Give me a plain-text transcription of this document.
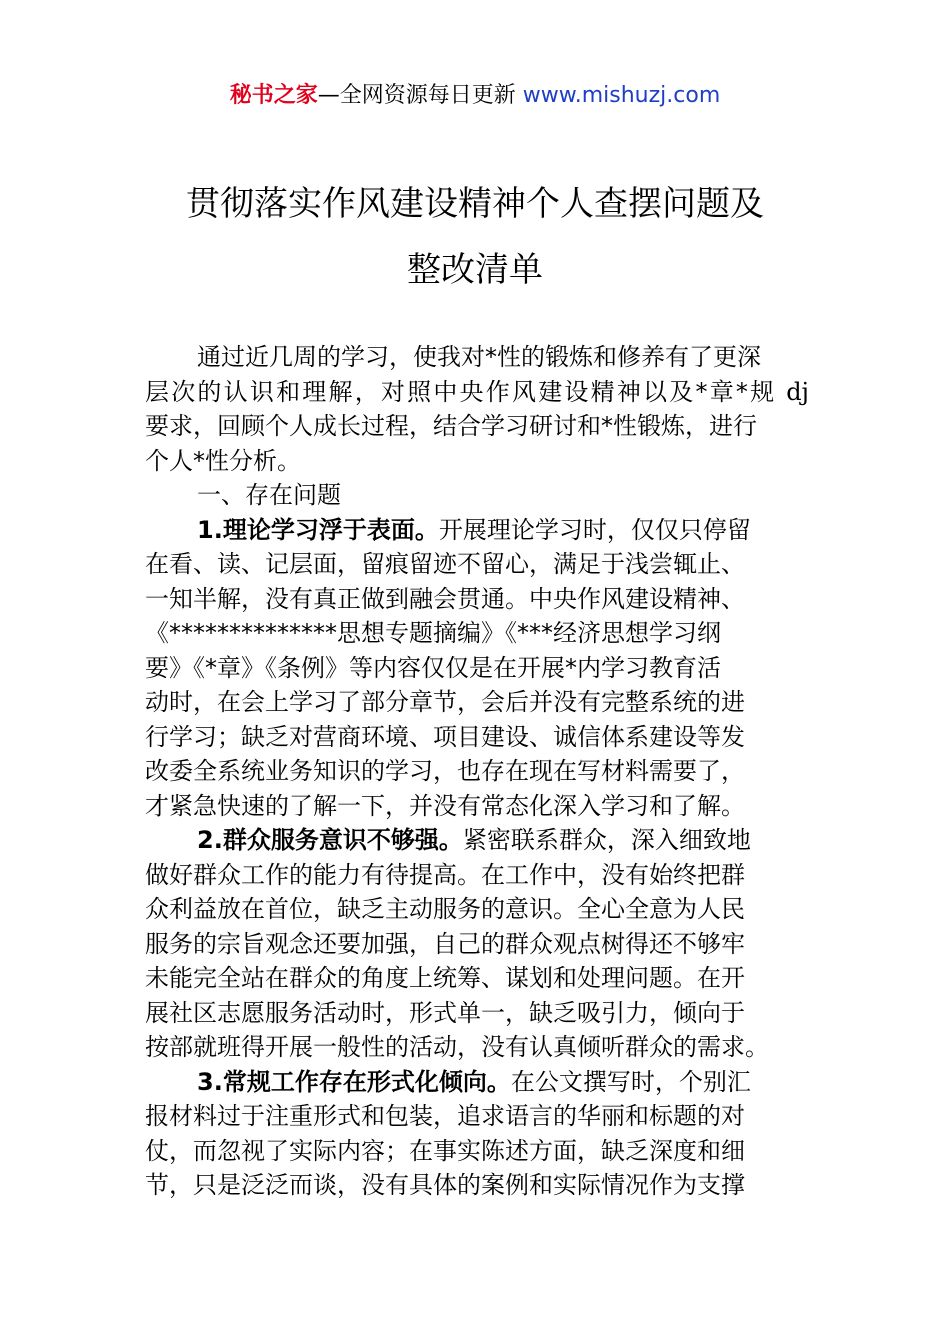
秘书之家—全网资源每日更新 www.mishuzj.com
贯彻落实作风建设精神个人查摆问题及
整改清单
通过近几周的学习，使我对*性的锻炼和修养有了更深
层次的认识和理解，对照中央作风建设精神以及*章*规 dj
要求，回顾个人成长过程，结合学习研讨和*性锻炼，进行
个人*性分析。
一、存在问题
1.理论学习浮于表面。开展理论学习时，仅仅只停留
在看、读、记层面，留痕留迹不留心，满足于浅尝辄止、
一知半解，没有真正做到融会贯通。中央作风建设精神、
《**************思想专题摘编》《***经济思想学习纲
要》《*章》《条例》等内容仅仅是在开展*内学习教育活
动时，在会上学习了部分章节，会后并没有完整系统的进
行学习；缺乏对营商环境、项目建设、诚信体系建设等发
改委全系统业务知识的学习，也存在现在写材料需要了，
才紧急快速的了解一下，并没有常态化深入学习和了解。
2.群众服务意识不够强。紧密联系群众，深入细致地
做好群众工作的能力有待提高。在工作中，没有始终把群
众利益放在首位，缺乏主动服务的意识。全心全意为人民
服务的宗旨观念还要加强，自己的群众观点树得还不够牢
未能完全站在群众的角度上统筹、谋划和处理问题。在开
展社区志愿服务活动时，形式单一，缺乏吸引力，倾向于
按部就班得开展一般性的活动，没有认真倾听群众的需求。
3.常规工作存在形式化倾向。在公文撰写时，个别汇
报材料过于注重形式和包装，追求语言的华丽和标题的对
仗，而忽视了实际内容；在事实陈述方面，缺乏深度和细
节，只是泛泛而谈，没有具体的案例和实际情况作为支撑
